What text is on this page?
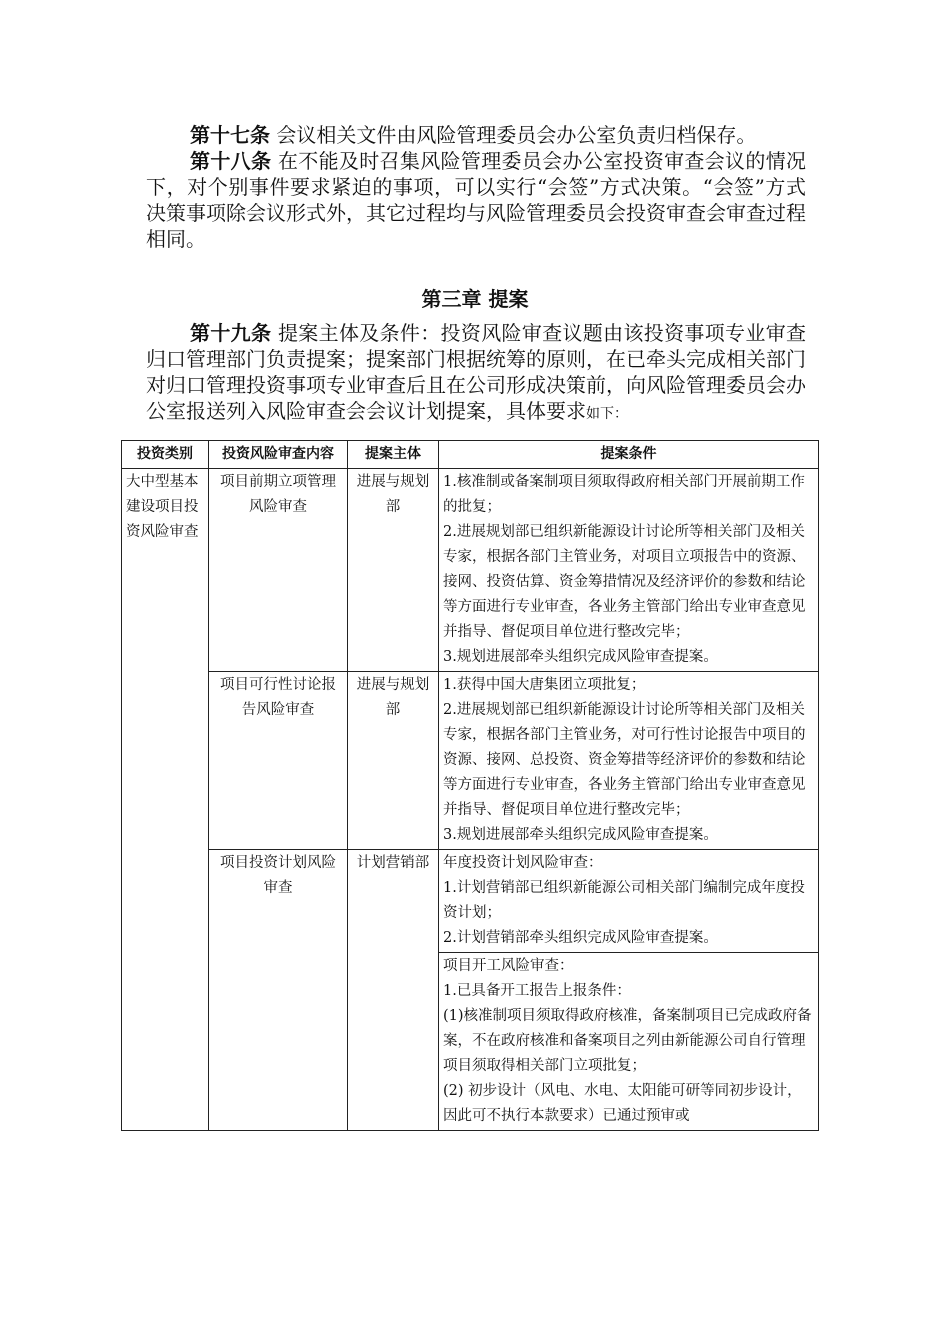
第十七条 会议相关文件由风险管理委员会办公室负责归档保存。
第十八条 在不能及时召集风险管理委员会办公室投资审查会议的情况下，对个别事件要求紧迫的事项，可以实行“会签”方式决策。“会签”方式决策事项除会议形式外，其它过程均与风险管理委员会投资审查会审查过程相同。
第三章 提案
第十九条 提案主体及条件：投资风险审查议题由该投资事项专业审查归口管理部门负责提案；提案部门根据统筹的原则，在已牵头完成相关部门对归口管理投资事项专业审查后且在公司形成决策前，向风险管理委员会办公室报送列入风险审查会会议计划提案，具体要求如下：
投资类别	投资风险审查内容	提案主体	提案条件
大中型基本建设项目投资风险审查	项目前期立项管理风险审查	进展与规划部	1.核准制或备案制项目须取得政府相关部门开展前期工作的批复；
2.进展规划部已组织新能源设计讨论所等相关部门及相关专家，根据各部门主管业务，对项目立项报告中的资源、接网、投资估算、资金筹措情况及经济评价的参数和结论等方面进行专业审查，各业务主管部门给出专业审查意见并指导、督促项目单位进行整改完毕；
3.规划进展部牵头组织完成风险审查提案。

	项目可行性讨论报告风险审查	进展与规划部	1.获得中国大唐集团立项批复；
2.进展规划部已组织新能源设计讨论所等相关部门及相关专家，根据各部门主管业务，对可行性讨论报告中项目的资源、接网、总投资、资金筹措等经济评价的参数和结论等方面进行专业审查，各业务主管部门给出专业审查意见并指导、督促项目单位进行整改完毕；
3.规划进展部牵头组织完成风险审查提案。

	项目投资计划风险审查	计划营销部	年度投资计划风险审查：
1.计划营销部已组织新能源公司相关部门编制完成年度投资计划；
2.计划营销部牵头组织完成风险审查提案。

			项目开工风险审查：
1.已具备开工报告上报条件：
(1)核准制项目须取得政府核准，备案制项目已完成政府备案，不在政府核准和备案项目之列由新能源公司自行管理项目须取得相关部门立项批复；
(2) 初步设计（风电、水电、太阳能可研等同初步设计，因此可不执行本款要求）已通过预审或
